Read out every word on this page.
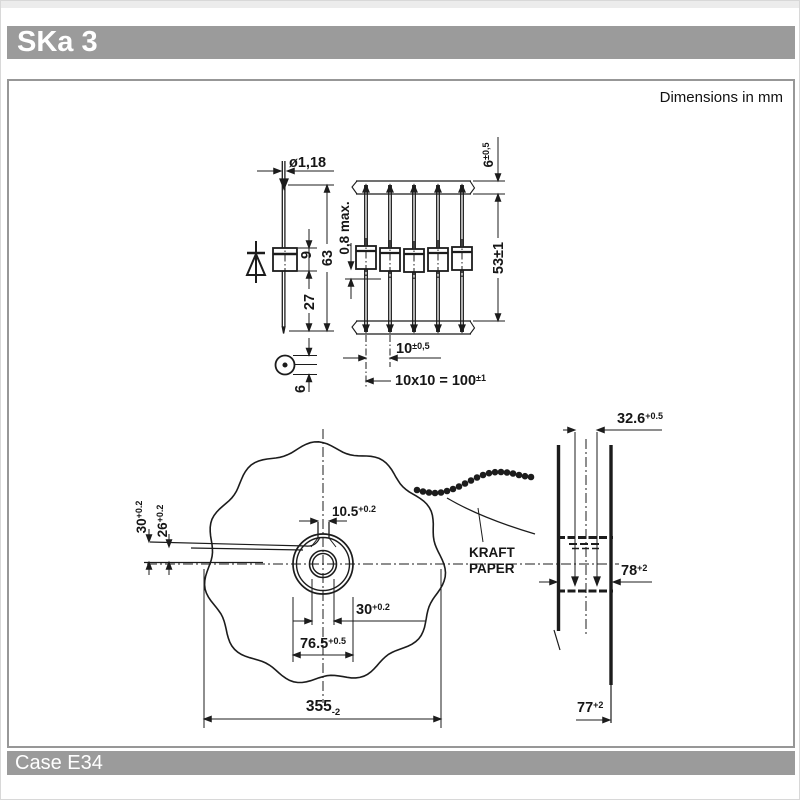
SKa 3
Dimensions in mm
ø1,18
63
9
27
6
0,8 max.
$6^{\pm 0,5}$
53±1
$10^{\pm 0,5}$
$10x10 = 100^{\pm 1}$
$30^{+0.2}$
$26^{+0.2}$	$10.5^{+0.2}$
$30^{+0.2}$
$76.5^{+0.5}$
$355_{-2}$
KRAFT
PAPER
$32.6^{+0.5}$
$78^{+2}$
$77^{+2}$
Case E34
